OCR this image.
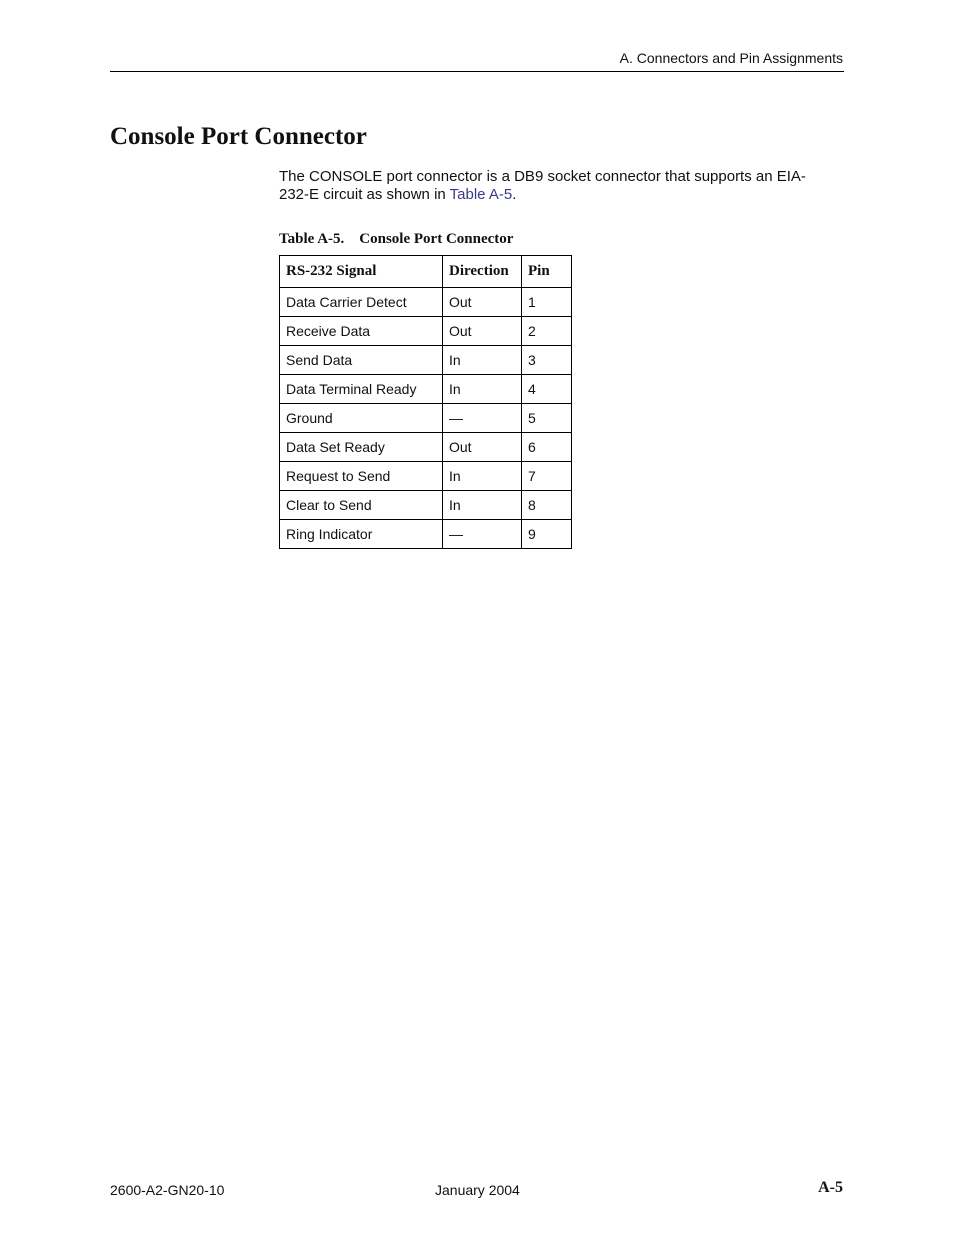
A. Connectors and Pin Assignments
Console Port Connector

The CONSOLE port connector is a DB9 socket connector that supports an EIA-232-E circuit as shown in Table A-5.

Table A-5.    Console Port Connector
RS-232 Signal	Direction	Pin
Data Carrier Detect	Out	1
Receive Data	Out	2
Send Data	In	3
Data Terminal Ready	In	4
Ground	—	5
Data Set Ready	Out	6
Request to Send	In	7
Clear to Send	In	8
Ring Indicator	—	9
2600-A2-GN20-10	January 2004	A-5
